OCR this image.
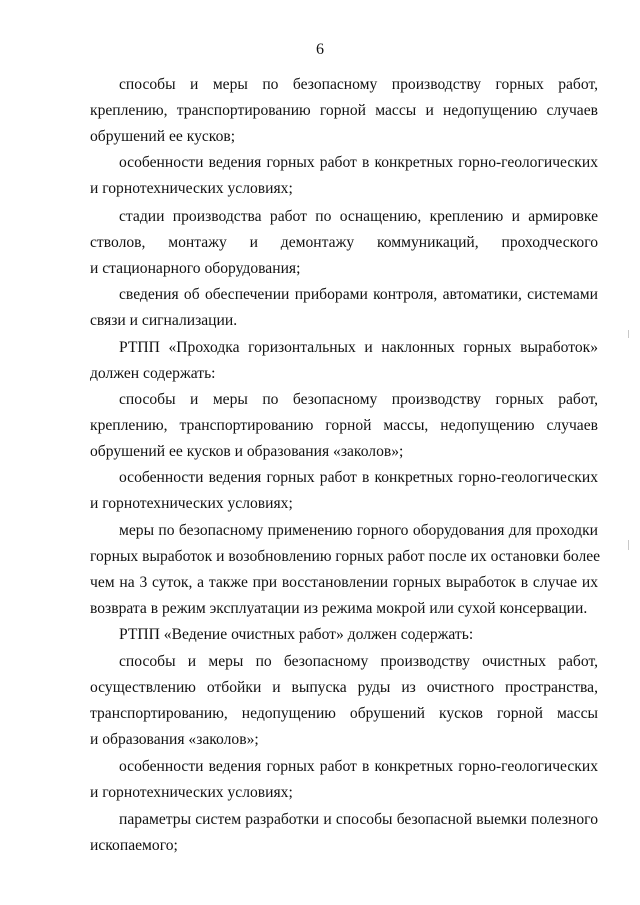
6
способы и меры по безопасному производству горных работ,
креплению, транспортированию горной массы и недопущению случаев
обрушений ее кусков;
особенности ведения горных работ в конкретных горно-геологических
и горнотехнических условиях;
стадии производства работ по оснащению, креплению и армировке
стволов, монтажу и демонтажу коммуникаций, проходческого
и стационарного оборудования;
сведения об обеспечении приборами контроля, автоматики, системами
связи и сигнализации.
РТПП «Проходка горизонтальных и наклонных горных выработок»
должен содержать:
способы и меры по безопасному производству горных работ,
креплению, транспортированию горной массы, недопущению случаев
обрушений ее кусков и образования «заколов»;
особенности ведения горных работ в конкретных горно-геологических
и горнотехнических условиях;
меры по безопасному применению горного оборудования для проходки
горных выработок и возобновлению горных работ после их остановки более
чем на 3 суток, а также при восстановлении горных выработок в случае их
возврата в режим эксплуатации из режима мокрой или сухой консервации.
РТПП «Ведение очистных работ» должен содержать:
способы и меры по безопасному производству очистных работ,
осуществлению отбойки и выпуска руды из очистного пространства,
транспортированию, недопущению обрушений кусков горной массы
и образования «заколов»;
особенности ведения горных работ в конкретных горно-геологических
и горнотехнических условиях;
параметры систем разработки и способы безопасной выемки полезного
ископаемого;
